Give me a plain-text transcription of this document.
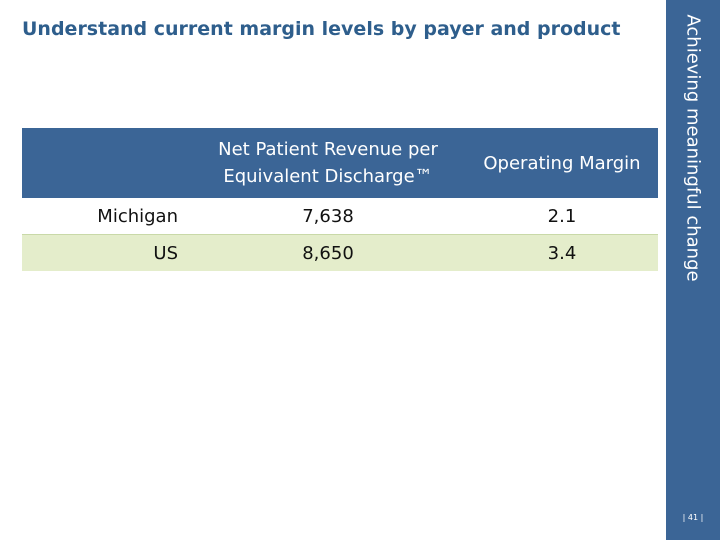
Understand current margin levels by payer and product
	Net Patient Revenue per Equivalent Discharge™	Operating Margin
Michigan	7,638	2.1
US	8,650	3.4	Achieving meaningful change
| 41 |
